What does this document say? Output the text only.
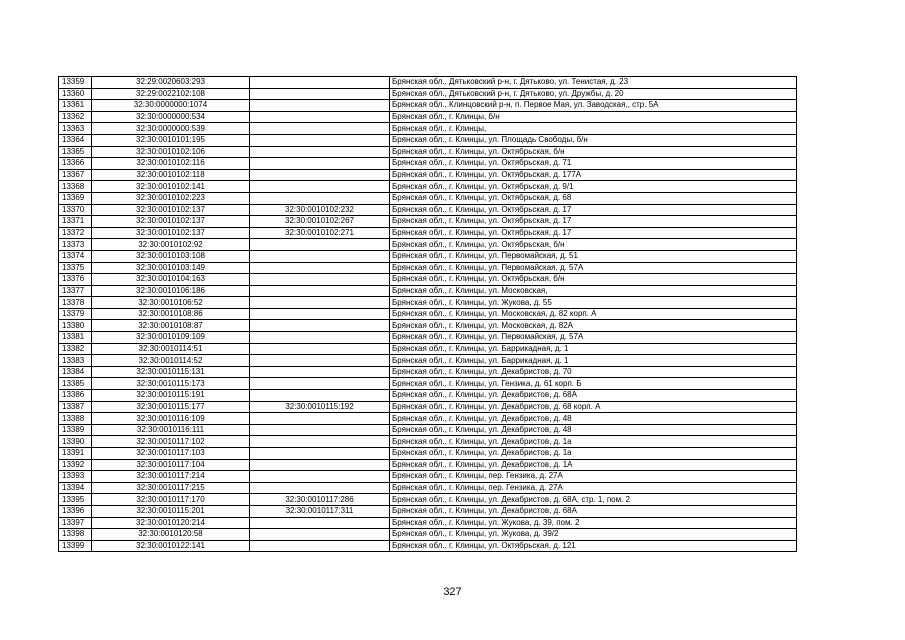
13359	32:29:0020603:293		Брянская обл., Дятьковский р-н, г. Дятьково, ул. Тенистая, д. 23
13360	32:29:0022102:108		Брянская обл., Дятьковский р-н, г. Дятьково, ул. Дружбы, д. 20
13361	32:30:0000000:1074		Брянская обл., Клинцовский р-н, п. Первое Мая, ул. Заводская,, стр. 5А
13362	32:30:0000000:534		Брянская обл., г. Клинцы, б/н
13363	32:30:0000000:539		Брянская обл., г. Клинцы,
13364	32:30:0010101:195		Брянская обл., г. Клинцы, ул. Площадь Свободы, б/н
13365	32:30:0010102:106		Брянская обл., г. Клинцы, ул. Октябрьская, б/н
13366	32:30:0010102:116		Брянская обл., г. Клинцы, ул. Октябрьская, д. 71
13367	32:30:0010102:118		Брянская обл., г. Клинцы, ул. Октябрьская, д. 177А
13368	32:30:0010102:141		Брянская обл., г. Клинцы, ул. Октябрьская, д. 9/1
13369	32:30:0010102:223		Брянская обл., г. Клинцы, ул. Октябрьская, д. 68
13370	32:30:0010102:137	32:30:0010102:232	Брянская обл., г. Клинцы, ул. Октябрьская, д. 17
13371	32:30:0010102:137	32:30:0010102:267	Брянская обл., г. Клинцы, ул. Октябрьская, д. 17
13372	32:30:0010102:137	32:30:0010102:271	Брянская обл., г. Клинцы, ул. Октябрьская, д. 17
13373	32:30:0010102:92		Брянская обл., г. Клинцы, ул. Октябрьская, б/н
13374	32:30:0010103:108		Брянская обл., г. Клинцы, ул. Первомайская, д. 51
13375	32:30:0010103:149		Брянская обл., г. Клинцы, ул. Первомайская, д. 57А
13376	32:30:0010104:163		Брянская обл., г. Клинцы, ул. Октябрьская, б/н
13377	32:30:0010106:186		Брянская обл., г. Клинцы, ул. Московская,
13378	32:30:0010106:52		Брянская обл., г. Клинцы, ул. Жукова, д. 55
13379	32:30:0010108:86		Брянская обл., г. Клинцы, ул. Московская, д. 82 корп. А
13380	32:30:0010108:87		Брянская обл., г. Клинцы, ул. Московская, д. 82А
13381	32:30:0010109:109		Брянская обл., г. Клинцы, ул. Первомайская, д. 57А
13382	32:30:0010114:51		Брянская обл., г. Клинцы, ул. Баррикадная, д. 1
13383	32:30:0010114:52		Брянская обл., г. Клинцы, ул. Баррикадная, д. 1
13384	32:30:0010115:131		Брянская обл., г. Клинцы, ул. Декабристов, д. 70
13385	32:30:0010115:173		Брянская обл., г. Клинцы, ул. Гензика, д. 61 корп. Б
13386	32:30:0010115:191		Брянская обл., г. Клинцы, ул. Декабристов, д. 68А
13387	32:30:0010115:177	32:30:0010115:192	Брянская обл., г. Клинцы, ул. Декабристов, д. 68 корп. А
13388	32:30:0010116:109		Брянская обл., г. Клинцы, ул. Декабристов, д. 48
13389	32:30:0010116:111		Брянская обл., г. Клинцы, ул. Декабристов, д. 48
13390	32:30:0010117:102		Брянская обл., г. Клинцы, ул. Декабристов, д. 1а
13391	32:30:0010117:103		Брянская обл., г. Клинцы, ул. Декабристов, д. 1а
13392	32:30:0010117:104		Брянская обл., г. Клинцы, ул. Декабристов, д. 1А
13393	32:30:0010117:214		Брянская обл., г. Клинцы, пер. Гензика, д. 27А
13394	32:30:0010117:215		Брянская обл., г. Клинцы, пер. Гензика, д. 27А
13395	32:30:0010117:170	32:30:0010117:286	Брянская обл., г. Клинцы, ул. Декабристов, д. 68А, стр. 1, пом. 2
13396	32:30:0010115:201	32:30:0010117:311	Брянская обл., г. Клинцы, ул. Декабристов, д. 68А
13397	32:30:0010120:214		Брянская обл., г. Клинцы, ул. Жукова, д. 39, пом. 2
13398	32:30:0010120:58		Брянская обл., г. Клинцы, ул. Жукова, д. 39/2
13399	32:30:0010122:141		Брянская обл., г. Клинцы, ул. Октябрьская, д. 121
327
